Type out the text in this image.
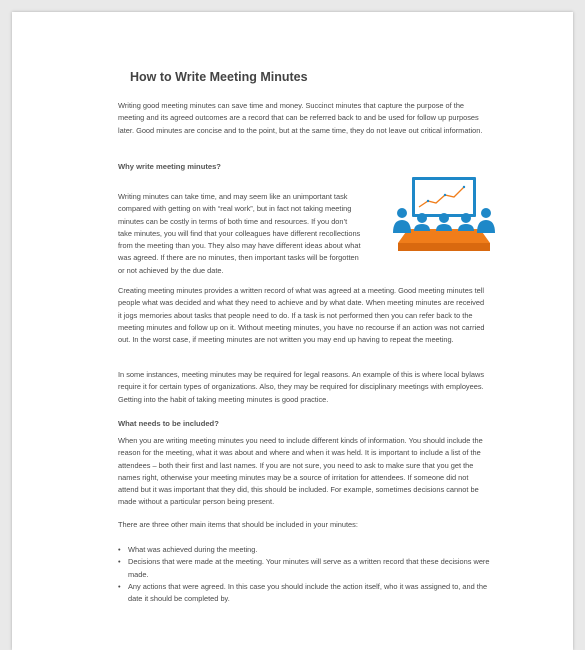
How to Write Meeting Minutes
Writing good meeting minutes can save time and money. Succinct minutes that capture the purpose of the meeting and its agreed outcomes are a record that can be referred back to and be used for follow up purposes later. Good minutes are concise and to the point, but at the same time, they do not leave out critical information.
Why write meeting minutes?
Writing minutes can take time, and may seem like an unimportant task compared with getting on with “real work”, but in fact not taking meeting minutes can be costly in terms of both time and resources. If you don’t take minutes, you will find that your colleagues have different recollections from the meeting than you. They also may have different ideas about what was agreed. If there are no minutes, then important tasks will be forgotten or not achieved by the due date.
Creating meeting minutes provides a written record of what was agreed at a meeting. Good meeting minutes tell people what was decided and what they need to achieve and by what date. When meeting minutes are received it jogs memories about tasks that people need to do. If a task is not performed then you can refer back to the meeting minutes and follow up on it. Without meeting minutes, you have no recourse if an action was not carried out. In the worst case, if meeting minutes are not written you may end up having to repeat the meeting.
In some instances, meeting minutes may be required for legal reasons. An example of this is where local bylaws require it for certain types of organizations. Also, they may be required for disciplinary meetings with employees. Getting into the habit of taking meeting minutes is good practice.
What needs to be included?
When you are writing meeting minutes you need to include different kinds of information. You should include the reason for the meeting, what it was about and where and when it was held. It is important to include a list of the attendees – both their first and last names. If you are not sure, you need to ask to make sure that you get the names right, otherwise your meeting minutes may be a source of irritation for attendees. If someone did not attend but it was important that they did, this should be included. For example, sometimes decisions cannot be made without a particular person being present.
There are three other main items that should be included in your minutes:
• What was achieved during the meeting.
• Decisions that were made at the meeting. Your minutes will serve as a written record that these decisions were made.
• Any actions that were agreed. In this case you should include the action itself, who it was assigned to, and the date it should be completed by.
